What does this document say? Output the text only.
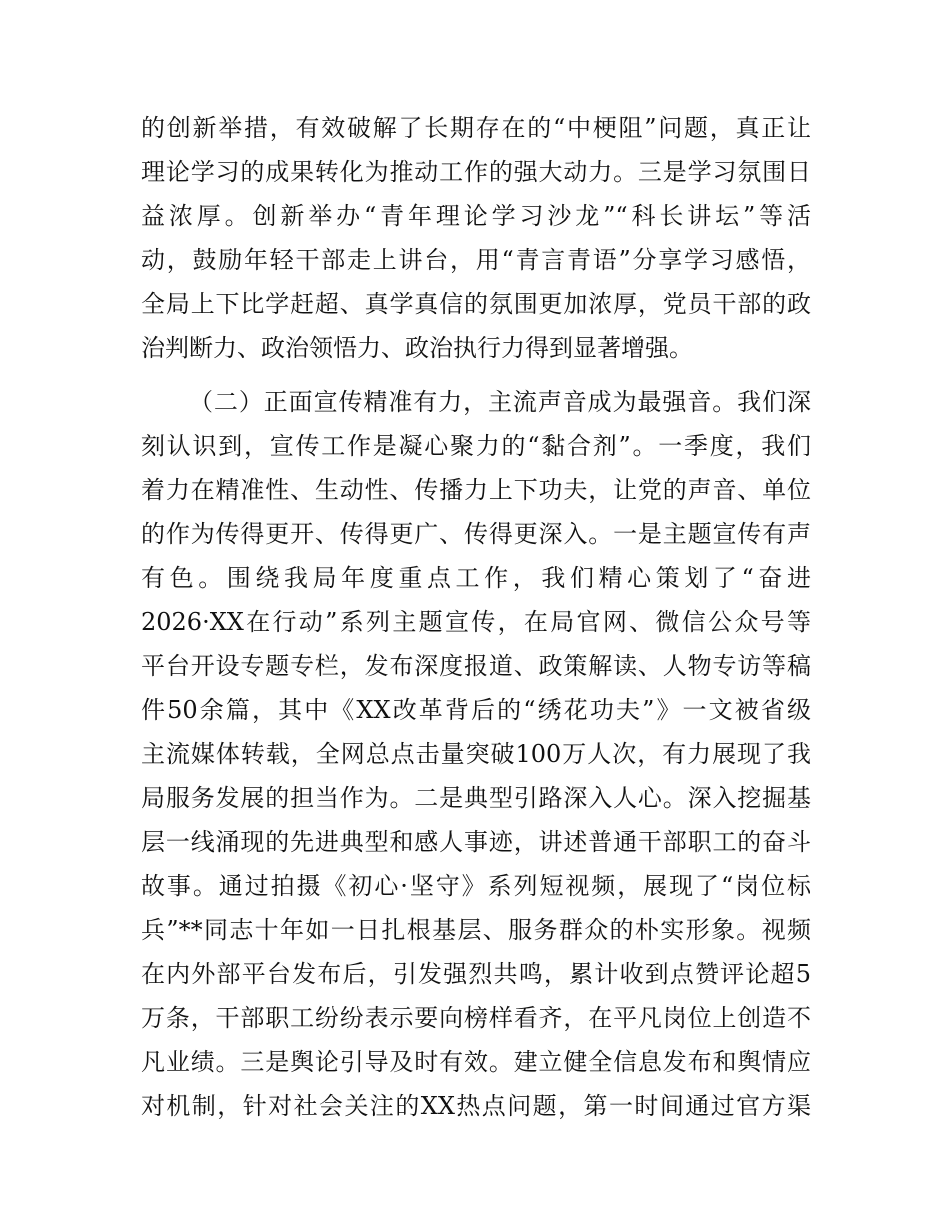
的创新举措，有效破解了长期存在的“中梗阻”问题，真正让
理论学习的成果转化为推动工作的强大动力。三是学习氛围日
益浓厚。创新举办“青年理论学习沙龙”“科长讲坛”等活
动，鼓励年轻干部走上讲台，用“青言青语”分享学习感悟，
全局上下比学赶超、真学真信的氛围更加浓厚，党员干部的政
治判断力、政治领悟力、政治执行力得到显著增强。
（二）正面宣传精准有力，主流声音成为最强音。我们深
刻认识到，宣传工作是凝心聚力的“黏合剂”。一季度，我们
着力在精准性、生动性、传播力上下功夫，让党的声音、单位
的作为传得更开、传得更广、传得更深入。一是主题宣传有声
有色。围绕我局年度重点工作，我们精心策划了“奋进
2026·XX在行动”系列主题宣传，在局官网、微信公众号等
平台开设专题专栏，发布深度报道、政策解读、人物专访等稿
件50余篇，其中《XX改革背后的“绣花功夫”》一文被省级
主流媒体转载，全网总点击量突破100万人次，有力展现了我
局服务发展的担当作为。二是典型引路深入人心。深入挖掘基
层一线涌现的先进典型和感人事迹，讲述普通干部职工的奋斗
故事。通过拍摄《初心·坚守》系列短视频，展现了“岗位标
兵”**同志十年如一日扎根基层、服务群众的朴实形象。视频
在内外部平台发布后，引发强烈共鸣，累计收到点赞评论超5
万条，干部职工纷纷表示要向榜样看齐，在平凡岗位上创造不
凡业绩。三是舆论引导及时有效。建立健全信息发布和舆情应
对机制，针对社会关注的XX热点问题，第一时间通过官方渠
